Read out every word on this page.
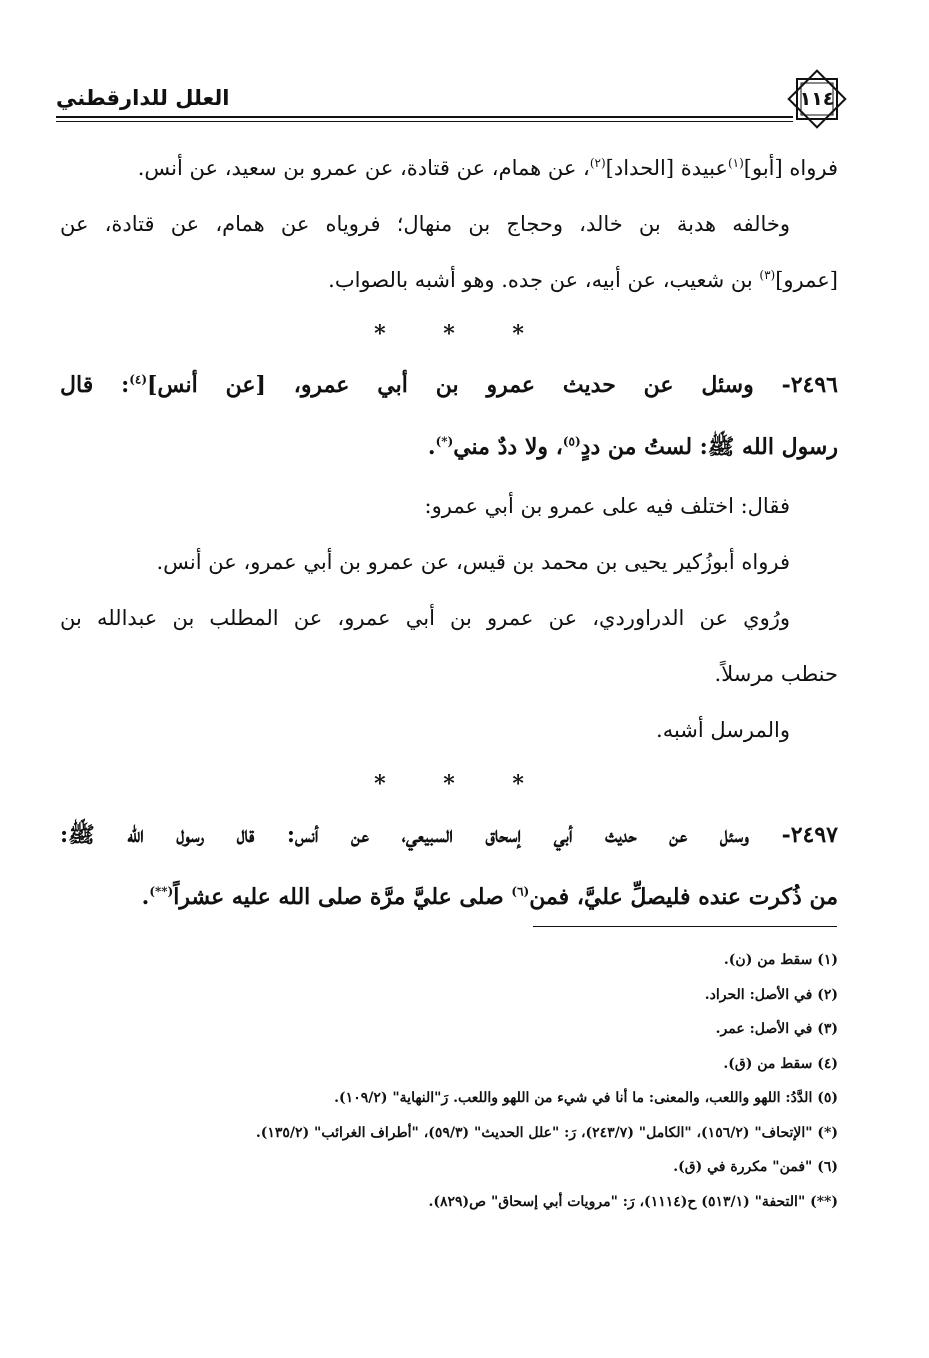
العلل للدارقطني	١١٤
فرواه [أبو]$^{(١)}$عبيدة [الحداد]$^{(٢)}$، عن همام، عن قتادة، عن عمرو بن سعيد، عن أنس.
وخالفه هدبة بن خالد، وحجاج بن منهال؛ فروياه عن همام، عن قتادة، عن
[عمرو]$^{(٣)}$ بن شعيب، عن أبيه، عن جده. وهو أشبه بالصواب.
* * *
٢٤٩٦- وسئل عن حديث عمرو بن أبي عمرو، [عن أنس]$^{(٤)}$: قال
رسول الله ﷺ: لستُ من ددٍ$^{(٥)}$، ولا ددٌ مني(*).
فقال: اختلف فيه على عمرو بن أبي عمرو:
فرواه أبوزُكير يحيى بن محمد بن قيس، عن عمرو بن أبي عمرو، عن أنس.
ورُوي عن الدراوردي، عن عمرو بن أبي عمرو، عن المطلب بن عبدالله بن
حنطب مرسلاً.
والمرسل أشبه.
* * *
٢٤٩٧- وسئل عن حديث أبي إسحاق السبيعي، عن أنس: قال رسول الله ﷺ:
من ذُكرت عنده فليصلِّ عليَّ، فمن$^{(٦)}$ صلى عليَّ مرَّة صلى الله عليه عشراً(**).
(١) سقط من (ن).
(٢) في الأصل: الحراد.
(٣) في الأصل: عمر.
(٤) سقط من (ق).
(٥) الدَّدُ: اللهو واللعب، والمعنى: ما أنا في شيء من اللهو واللعب. رَ"النهاية" (١٠٩/٢).
(*) "الإتحاف" (١٥٦/٢)، "الكامل" (٢٤٣/٧)، رَ: "علل الحديث" (٥٩/٣)، "أطراف الغرائب" (١٣٥/٢).
(٦) "فمن" مكررة في (ق).
(**) "التحفة" (٥١٣/١) ح(١١١٤)، رَ: "مرويات أبي إسحاق" ص(٨٢٩).
